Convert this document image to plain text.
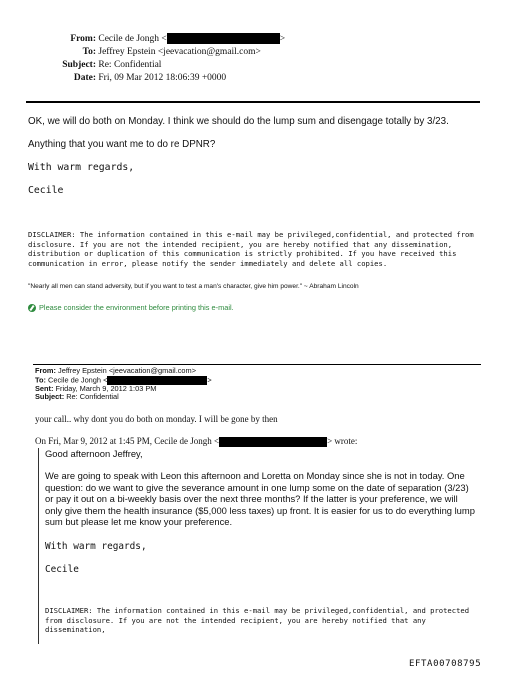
From: Cecile de Jongh <	>
To: Jeffrey Epstein <jeevacation@gmail.com>
Subject: Re: Confidential
Date: Fri, 09 Mar 2012 18:06:39 +0000
OK, we will do both on Monday. I think we should do the lump sum and disengage totally by 3/23.
Anything that you want me to do re DPNR?
With warm regards,
Cecile
DISCLAIMER: The information contained in this e-mail may be privileged,confidential, and protected from disclosure. If you are not the intended recipient, you are hereby notified that any dissemination, distribution or duplication of this communication is strictly prohibited. If you have received this communication in error, please notify the sender immediately and delete all copies.
"Nearly all men can stand adversity, but if you want to test a man's character, give him power." ~ Abraham Lincoln
Please consider the environment before printing this e-mail.
From: Jeffrey Epstein <jeevacation@gmail.com>
To: Cecile de Jongh <	>
Sent: Friday, March 9, 2012 1:03 PM
Subject: Re: Confidential
your call.. why dont you do both on monday. I will be gone by then
On Fri, Mar 9, 2012 at 1:45 PM, Cecile de Jongh <	> wrote:
Good afternoon Jeffrey,
We are going to speak with Leon this afternoon and Loretta on Monday since she is not in today. One question: do we want to give the severance amount in one lump some on the date of separation (3/23) or pay it out on a bi-weekly basis over the next three months? If the latter is your preference, we will only give them the health insurance ($5,000 less taxes) up front. It is easier for us to do everything lump sum but please let me know your preference.
With warm regards,
Cecile
DISCLAIMER: The information contained in this e-mail may be privileged,confidential, and protected from disclosure. If you are not the intended recipient, you are hereby notified that any dissemination,
EFTA00708795
